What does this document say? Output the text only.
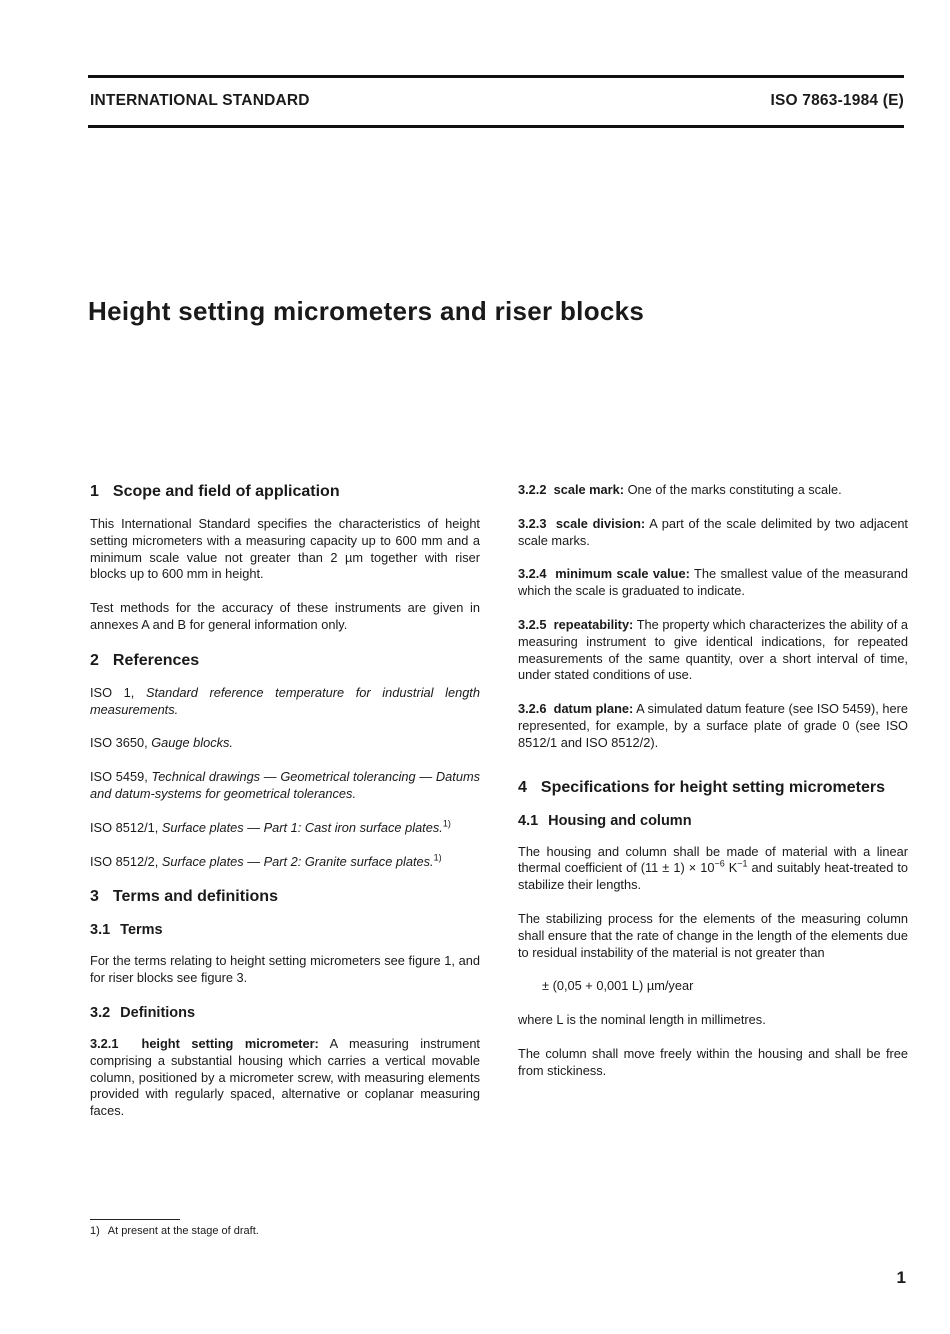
INTERNATIONAL STANDARD	ISO 7863-1984 (E)
Height setting micrometers and riser blocks
1 Scope and field of application

This International Standard specifies the characteristics of height setting micrometers with a measuring capacity up to 600 mm and a minimum scale value not greater than 2 µm together with riser blocks up to 600 mm in height.

Test methods for the accuracy of these instruments are given in annexes A and B for general information only.

2 References

ISO 1, Standard reference temperature for industrial length measurements.

ISO 3650, Gauge blocks.

ISO 5459, Technical drawings — Geometrical tolerancing — Datums and datum-systems for geometrical tolerances.

ISO 8512/1, Surface plates — Part 1: Cast iron surface plates.$^{1)}$

ISO 8512/2, Surface plates — Part 2: Granite surface plates.$^{1)}$

3 Terms and definitions
3.1 Terms

For the terms relating to height setting micrometers see figure 1, and for riser blocks see figure 3.

3.2 Definitions

3.2.1 height setting micrometer: A measuring instrument comprising a substantial housing which carries a vertical movable column, positioned by a micrometer screw, with measuring elements provided with regularly spaced, alternative or coplanar measuring faces.

3.2.2 scale mark: One of the marks constituting a scale.

3.2.3 scale division: A part of the scale delimited by two adjacent scale marks.

3.2.4 minimum scale value: The smallest value of the measurand which the scale is graduated to indicate.

3.2.5 repeatability: The property which characterizes the ability of a measuring instrument to give identical indications, for repeated measurements of the same quantity, over a short interval of time, under stated conditions of use.

3.2.6 datum plane: A simulated datum feature (see ISO 5459), here represented, for example, by a surface plate of grade 0 (see ISO 8512/1 and ISO 8512/2).

4 Specifications for height setting micrometers
4.1 Housing and column

The housing and column shall be made of material with a linear thermal coefficient of $(11 \pm 1) \times 10^{-6}$ $K^{-1}$ and suitably heat-treated to stabilize their lengths.

The stabilizing process for the elements of the measuring column shall ensure that the rate of change in the length of the elements due to residual instability of the material is not greater than

± (0,05 + 0,001 L) µm/year

where L is the nominal length in millimetres.

The column shall move freely within the housing and shall be free from stickiness.

1) At present at the stage of draft.
1
